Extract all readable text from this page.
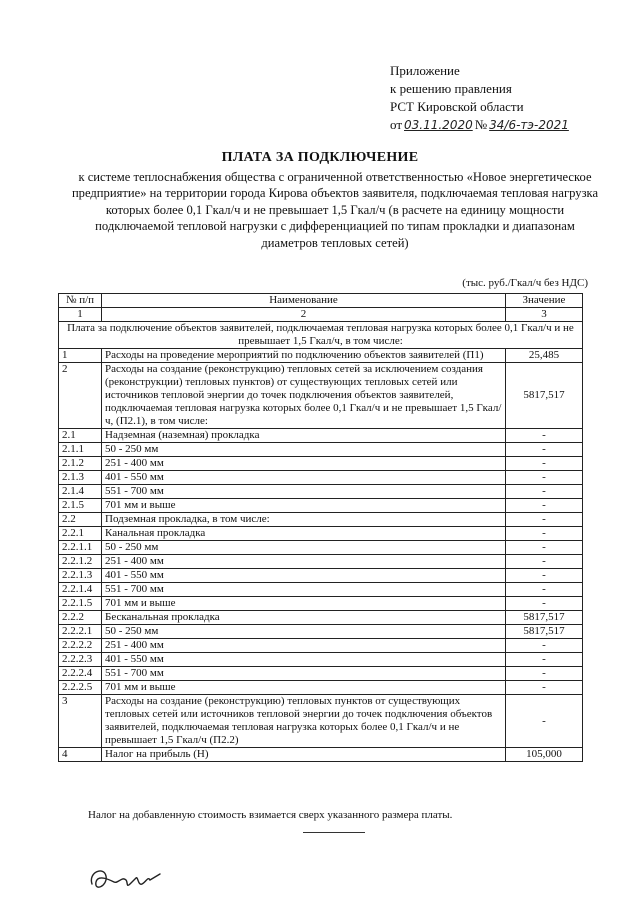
Приложение
к решению правления
РСТ Кировской области
от 03.11.2020 № 34/6-тэ-2021
ПЛАТА ЗА ПОДКЛЮЧЕНИЕ
к системе теплоснабжения общества с ограниченной ответственностью «Новое энергетическое предприятие» на территории города Кирова объектов заявителя, подключаемая тепловая нагрузка которых более 0,1 Гкал/ч и не превышает 1,5 Гкал/ч (в расчете на единицу мощности подключаемой тепловой нагрузки с дифференциацией по типам прокладки и диапазонам диаметров тепловых сетей)
(тыс. руб./Гкал/ч без НДС)
№ п/п	Наименование	Значение
1	2	3
Плата за подключение объектов заявителей, подключаемая тепловая нагрузка которых более 0,1 Гкал/ч и не превышает 1,5 Гкал/ч, в том числе:		
1	Расходы на проведение мероприятий по подключению объектов заявителей (П1)	25,485
2	Расходы на создание (реконструкцию) тепловых сетей за исключением создания (реконструкции) тепловых пунктов) от существующих тепловых сетей или источников тепловой энергии до точек подключения объектов заявителей, подключаемая тепловая нагрузка которых более 0,1 Гкал/ч и не превышает 1,5 Гкал/ч, (П2.1), в том числе:	5817,517
2.1	Надземная (наземная) прокладка	-
2.1.1	50 - 250 мм	-
2.1.2	251 - 400 мм	-
2.1.3	401 - 550 мм	-
2.1.4	551 - 700 мм	-
2.1.5	701 мм и выше	-
2.2	Подземная прокладка, в том числе:	-
2.2.1	Канальная прокладка	-
2.2.1.1	50 - 250 мм	-
2.2.1.2	251 - 400 мм	-
2.2.1.3	401 - 550 мм	-
2.2.1.4	551 - 700 мм	-
2.2.1.5	701 мм и выше	-
2.2.2	Бесканальная прокладка	5817,517
2.2.2.1	50 - 250 мм	5817,517
2.2.2.2	251 - 400 мм	-
2.2.2.3	401 - 550 мм	-
2.2.2.4	551 - 700 мм	-
2.2.2.5	701 мм и выше	-
3	Расходы на создание (реконструкцию) тепловых пунктов от существующих тепловых сетей или источников тепловой энергии до точек подключения объектов заявителей, подключаемая тепловая нагрузка которых более 0,1 Гкал/ч и не превышает 1,5 Гкал/ч (П2.2)	-
4	Налог на прибыль (Н)	105,000
Налог на добавленную стоимость взимается сверх указанного размера платы.
